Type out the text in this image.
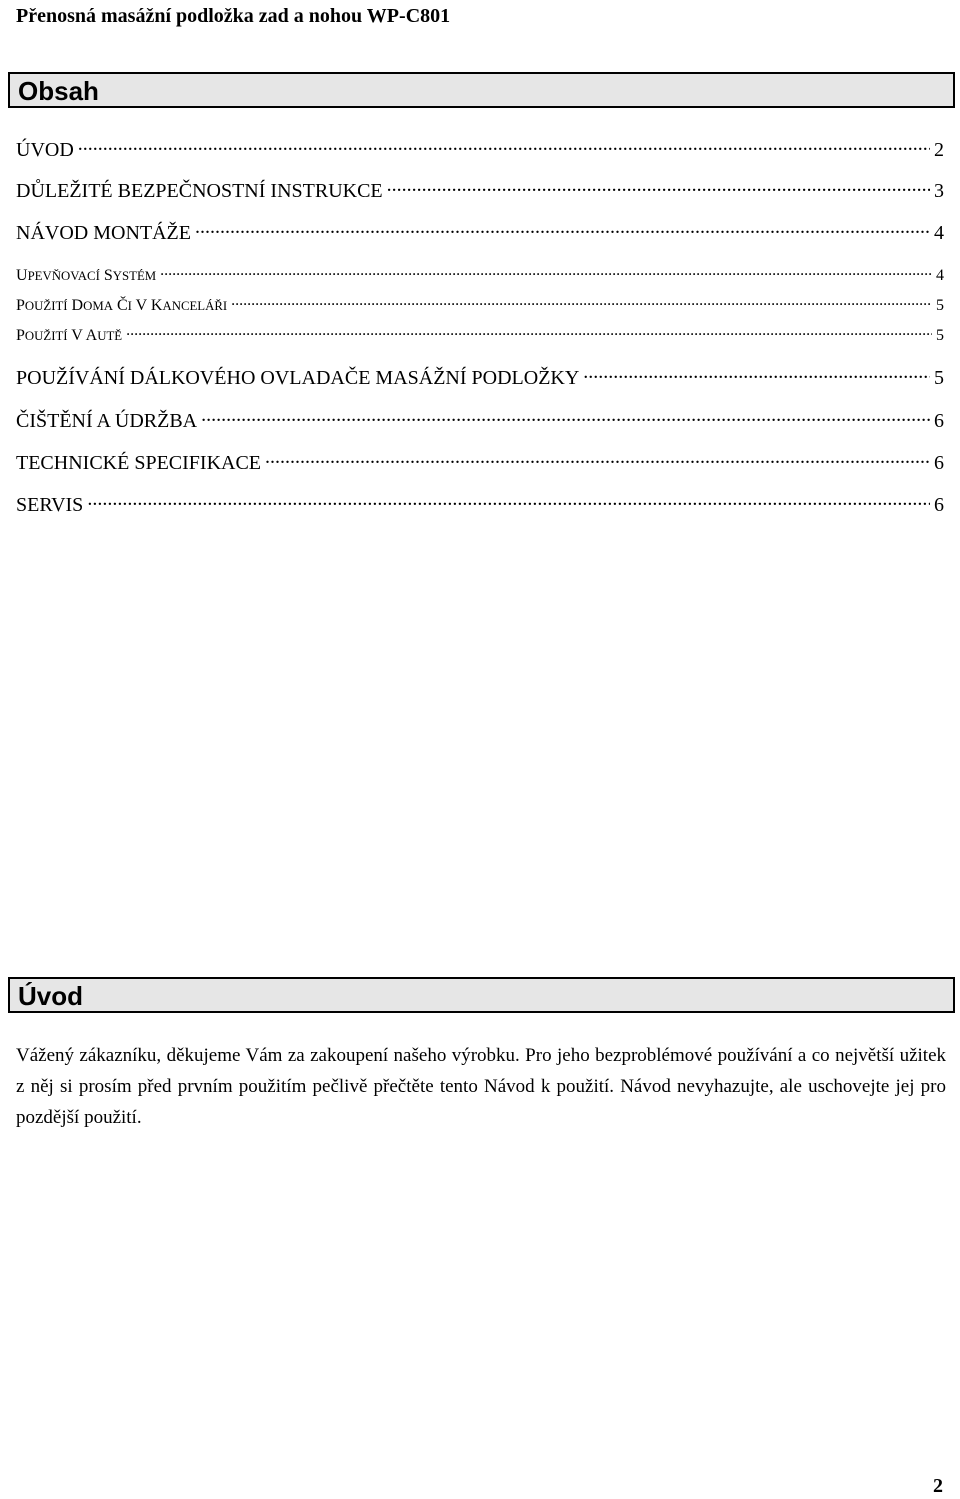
Přenosná masážní podložka zad a nohou WP-C801
Obsah
ÚVOD .....	2
DŮLEŽITÉ BEZPEČNOSTNÍ INSTRUKCE .....	3
NÁVOD MONTÁŽE .....	4
UPEVŇOVACÍ SYSTÉM .....	4
POUŽITÍ DOMA ČI V KANCELÁŘI .....	5
POUŽITÍ V AUTĚ .....	5
POUŽÍVÁNÍ DÁLKOVÉHO OVLADAČE MASÁŽNÍ PODLOŽKY .....	5
ČIŠTĚNÍ A ÚDRŽBA .....	6
TECHNICKÉ SPECIFIKACE .....	6
SERVIS .....	6
Úvod

Vážený zákazníku, děkujeme Vám za zakoupení našeho výrobku. Pro jeho bezproblémové používání a co největší užitek z něj si prosím před prvním použitím pečlivě přečtěte tento Návod k použití. Návod nevyhazujte, ale uschovejte jej pro pozdější použití.

2
